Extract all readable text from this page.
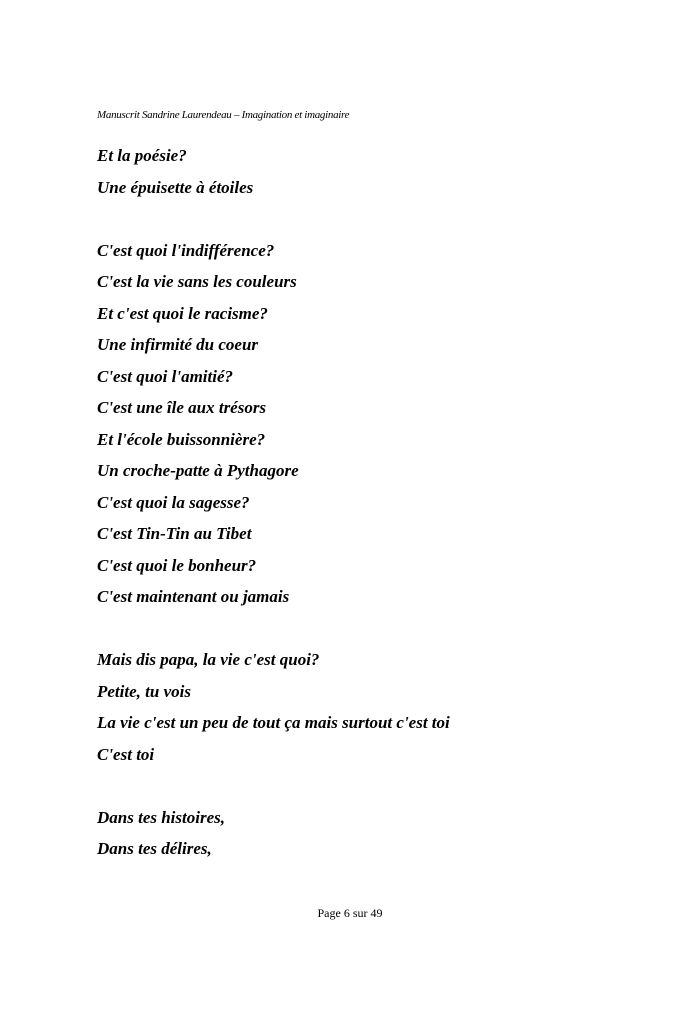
Manuscrit Sandrine Laurendeau – Imagination et imaginaire
Et la poésie?
Une épuisette à étoiles
C'est quoi l'indifférence?
C'est la vie sans les couleurs
Et c'est quoi le racisme?
Une infirmité du coeur
C'est quoi l'amitié?
C'est une île aux trésors
Et l'école buissonnière?
Un croche-patte à Pythagore
C'est quoi la sagesse?
C'est Tin-Tin au Tibet
C'est quoi le bonheur?
C'est maintenant ou jamais
Mais dis papa, la vie c'est quoi?
Petite, tu vois
La vie c'est un peu de tout ça mais surtout c'est toi
C'est toi
Dans tes histoires,
Dans tes délires,
Page 6 sur 49
